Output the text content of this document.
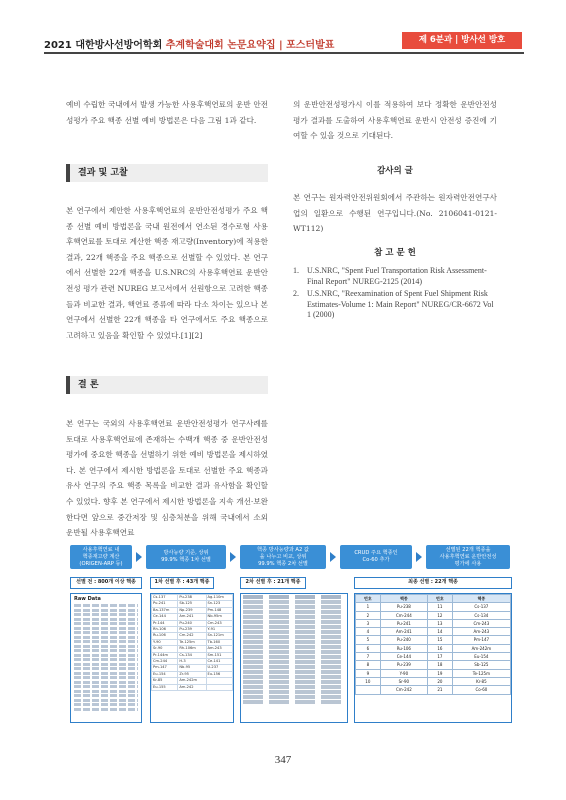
2021 대한방사선방어학회 추계학술대회 논문요약집 | 포스터발표	제 6분과 | 방사선 방호

예비 수립한 국내에서 발생 가능한 사용후핵연료의 운반 안전성평가 주요 핵종 선별 예비 방법론은 다음 그림 1과 같다.

결과 및 고찰

본 연구에서 제안한 사용후핵연료의 운반안전성평가 주요 핵종 선별 예비 방법론을 국내 원전에서 연소된 경수로형 사용후핵연료를 토대로 계산한 핵종 재고량(Inventory)에 적용한 결과, 22개 핵종을 주요 핵종으로 선별할 수 있었다. 본 연구에서 선별한 22개 핵종을 U.S.NRC의 사용후핵연료 운반안전성 평가 관련 NUREG 보고서에서 선원항으로 고려한 핵종들과 비교한 결과, 핵연료 종류에 따라 다소 차이는 있으나 본 연구에서 선별한 22개 핵종을 타 연구에서도 주요 핵종으로 고려하고 있음을 확인할 수 있었다.[1][2]

결 론

본 연구는 국외의 사용후핵연료 운반안전성평가 연구사례를 토대로 사용후핵연료에 존재하는 수백개 핵종 중 운반안전성평가에 중요한 핵종을 선별하기 위한 예비 방법론을 제시하였다. 본 연구에서 제시한 방법론을 토대로 선별한 주요 핵종과 유사 연구의 주요 핵종 목록을 비교한 결과 유사함을 확인할 수 있었다. 향후 본 연구에서 제시한 방법론을 지속 개선·보완한다면 앞으로 중간저장 및 심층처분을 위해 국내에서 소외 운반될 사용후핵연료

의 운반안전성평가시 이를 적용하여 보다 정확한 운반안전성평가 결과를 도출하여 사용후핵연료 운반시 안전성 증진에 기여할 수 있을 것으로 기대된다.

감사의 글

본 연구는 원자력안전위원회에서 주관하는 원자력안전연구사업의 일환으로 수행된 연구입니다.(No. 2106041-0121-WT112)

참 고 문 헌

1. U.S.NRC, "Spent Fuel Transportation Risk Assessment-Final Report" NUREG-2125 (2014)

2. U.S.NRC, "Reexamination of Spent Fuel Shipment Risk Estimates-Volume 1: Main Report" NUREG/CR-6672 Vol 1 (2000)

사용후핵연료 내
핵종재고량 계산
(ORIGEN-ARP 등)
방사능량 기준, 상위
99.9% 핵종 1차 선별
핵종 방사능량과 A2 값
을 나누고 비교, 상위
99.9% 핵종 2차 선별
CRUD 주요 핵종인
Co-60 추가
선별된 22개 핵종을
사용후핵연료 운반안전성
평가에 사용
선별 전 : 800개 이상 핵종	1차 선별 후 : 43개 핵종	2차 선별 후 : 21개 핵종	최종 선별 : 22개 핵종
Raw Data	Cs-137	Pu-238	Ag-110m
Pu-241	Sb-125	Sn-123
Ba-137m	Np-239	Pm-148
Ce-144	Am-241	Nb-95m
Pr-144	Pu-240	Cm-243
Rh-106	Pu-239	Y-91
Ru-106	Cm-242	Sn-121m
Y-90	Te-125m	Tb-160
Sr-90	Rh-106m	Am-243
Pr-144m	Cs-134	Sm-151
Cm-244	H-3	Ce-141
Pm-147	Nb-95	U-237
Eu-154	Zr-95	Eu-156
Kr-85	Am-242m	
Eu-155	Am-242	
번호	핵종	번호	핵종
1	Pu-238	11	Cs-137
2	Cm-244	12	Cs-134
3	Pu-241	13	Cm-243
4	Am-241	14	Am-243
5	Pu-240	15	Pm-147
6	Ru-106	16	Am-242m
7	Ce-144	17	Eu-154
8	Pu-239	18	Sb-125
9	Y-90	19	Te-125m
10	Sr-90	20	Kr-85
	Cm-242	21	Co-60
347
